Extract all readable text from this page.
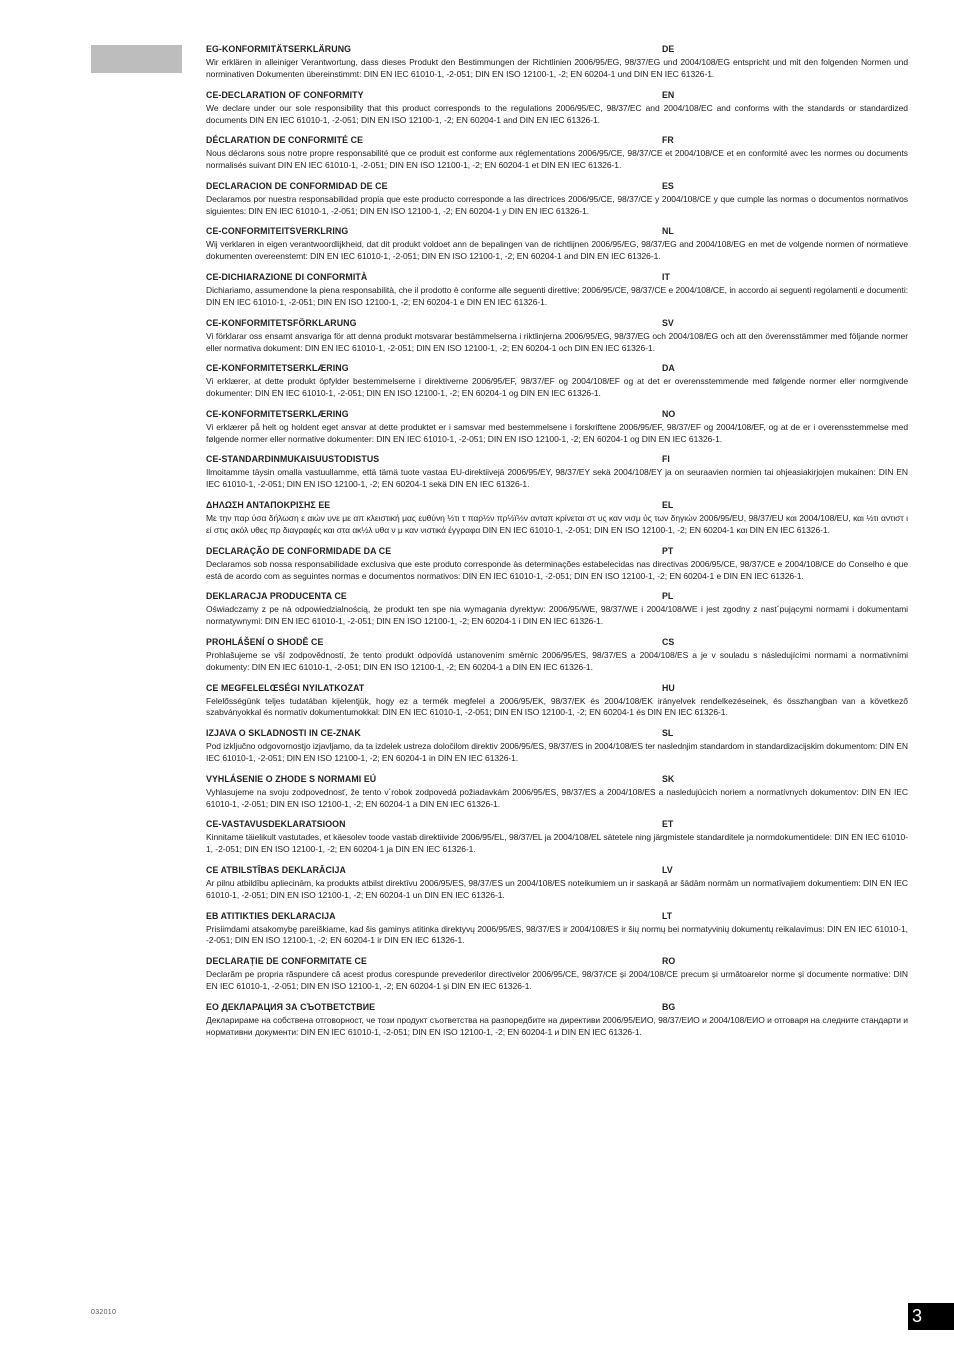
EG-KONFORMITÄTSERKLÄRUNG	DE

Wir erklären in alleiniger Verantwortung, dass dieses Produkt den Bestimmungen der Richtlinien 2006/95/EG, 98/37/EG und 2004/108/EG entspricht und mit den folgenden Normen und norminativen Dokumenten übereinstimmt: DIN EN IEC 61010-1, -2-051; DIN EN ISO 12100-1, -2; EN 60204-1 und DIN EN IEC 61326-1.

CE-DECLARATION OF CONFORMITY	EN

We declare under our sole responsibility that this product corresponds to the regulations 2006/95/EC, 98/37/EC and 2004/108/EC and conforms with the standards or standardized documents DIN EN IEC 61010-1, -2-051; DIN EN ISO 12100-1, -2; EN 60204-1 and DIN EN IEC 61326-1.

DÉCLARATION DE CONFORMITÉ CE	FR

Nous déclarons sous notre propre responsabilité que ce produit est conforme aux réglementations 2006/95/CE, 98/37/CE et 2004/108/CE et en conformité avec les normes ou documents normalisés suivant DIN EN IEC 61010-1, -2-051; DIN EN ISO 12100-1, -2; EN 60204-1 et DIN EN IEC 61326-1.

DECLARACION DE CONFORMIDAD DE CE	ES

Declaramos por nuestra responsabilidad propia que este producto corresponde a las directrices 2006/95/CE, 98/37/CE y 2004/108/CE y que cumple las normas o documentos normativos siguientes: DIN EN IEC 61010-1, -2-051; DIN EN ISO 12100-1, -2; EN 60204-1 y DIN EN IEC 61326-1.

CE-CONFORMITEITSVERKLRING	NL

Wij verklaren in eigen verantwoordlijkheid, dat dit produkt voldoet ann de bepalingen van de richtlijnen 2006/95/EG, 98/37/EG and 2004/108/EG en met de volgende normen of normatieve dokumenten overeenstemt: DIN EN IEC 61010-1, -2-051; DIN EN ISO 12100-1, -2; EN 60204-1 and DIN EN IEC 61326-1.

CE-DICHIARAZIONE DI CONFORMITÀ	IT

Dichiariamo, assumendone la piena responsabilità, che il prodotto è conforme alle seguenti direttive: 2006/95/CE, 98/37/CE e 2004/108/CE, in accordo ai seguenti regolamenti e documenti: DIN EN IEC 61010-1, -2-051; DIN EN ISO 12100-1, -2; EN 60204-1 e DIN EN IEC 61326-1.

CE-KONFORMITETSFÖRKLARUNG	SV

Vi förklarar oss ensamt ansvariga för att denna produkt motsvarar bestämmelserna i riktlinjerna 2006/95/EG, 98/37/EG och 2004/108/EG och att den överensstämmer med följande normer eller normativa dokument: DIN EN IEC 61010-1, -2-051; DIN EN ISO 12100-1, -2; EN 60204-1 och DIN EN IEC 61326-1.

CE-KONFORMITETSERKLÆRING	DA

Vi erklærer, at dette produkt öpfylder bestemmelserne i direktiverne 2006/95/EF, 98/37/EF og 2004/108/EF og at det er overensstemmende med følgende normer eller normgivende dokumenter: DIN EN IEC 61010-1, -2-051; DIN EN ISO 12100-1, -2; EN 60204-1 og DIN EN IEC 61326-1.

CE-KONFORMITETSERKLÆRING	NO

Vi erklærer på helt og holdent eget ansvar at dette produktet er i samsvar med bestemmelsene i forskriftene 2006/95/EF, 98/37/EF og 2004/108/EF, og at de er i overensstemmelse med følgende normer eller normative dokumenter: DIN EN IEC 61010-1, -2-051; DIN EN ISO 12100-1, -2; EN 60204-1 og DIN EN IEC 61326-1.

CE-STANDARDINMUKAISUUSTODISTUS	FI

Ilmoitamme täysin omalla vastuullamme, että tämä tuote vastaa EU-direktiivejä 2006/95/EY, 98/37/EY sekä 2004/108/EY ja on seuraavien normien tai ohjeasiakirjojen mukainen: DIN EN IEC 61010-1, -2-051; DIN EN ISO 12100-1, -2; EN 60204-1 sekä DIN EN IEC 61326-1.

ΔΗΛΩΣΗ ΑΝΤΑΠΟΚΡΙΣΗΣ ΕΕ	EL

Με την παρ ύσα δήλωση ε αιών υνε με απ κλειστική μας ευθύνη ½τι τ παρ½ν πρ½ï½ν ανταπ κρίνεται στ υς καν νισμ ύς των δηγιών 2006/95/EU, 98/37/EU και 2004/108/EU, και ½τι αντιστ ι εί στις ακόλ υθες πρ διαγραφές και στα ακ½λ υθα ν μ καν νιστικά έγγραφα DIN EN IEC 61010-1, -2-051; DIN EN ISO 12100-1, -2; EN 60204-1 και DIN EN IEC 61326-1.

DECLARAÇÃO DE CONFORMIDADE DA CE	PT

Declaramos sob nossa responsabilidade exclusiva que este produto corresponde às determinações estabelecidas nas directivas 2006/95/CE, 98/37/CE e 2004/108/CE do Conselho e que está de acordo com as seguintes normas e documentos normativos: DIN EN IEC 61010-1, -2-051; DIN EN ISO 12100-1, -2; EN 60204-1 e DIN EN IEC 61326-1.

DEKLARACJA PRODUCENTA CE	PL

Oświadczamy z pe nà odpowiedzialnością, że produkt ten spe nia wymagania dyrektyw: 2006/95/WE, 98/37/WE i 2004/108/WE i jest zgodny z nast´pującymi normami i dokumentami normatywnymi: DIN EN IEC 61010-1, -2-051; DIN EN ISO 12100-1, -2; EN 60204-1 i DIN EN IEC 61326-1.

PROHLÁŠENÍ O SHODĚ CE	CS

Prohlašujeme se vší zodpovědností, že tento produkt odpovídá ustanovením směrnic 2006/95/ES, 98/37/ES a 2004/108/ES a je v souladu s následujícími normami a normativními dokumenty: DIN EN IEC 61010-1, -2-051; DIN EN ISO 12100-1, -2; EN 60204-1 a DIN EN IEC 61326-1.

CE MEGFELELŒSÉGI NYILATKOZAT	HU

Felelősségünk teljes tudatában kijelentjük, hogy ez a termék megfelel a 2006/95/EK, 98/37/EK és 2004/108/EK irányelvek rendelkezéseinek, és összhangban van a következő szabványokkal és normatív dokumentumokkal: DIN EN IEC 61010-1, -2-051; DIN EN ISO 12100-1, -2; EN 60204-1 és DIN EN IEC 61326-1.

IZJAVA O SKLADNOSTI IN CE-ZNAK	SL

Pod izključno odgovornostjo izjavljamo, da ta izdelek ustreza določilom direktiv 2006/95/ES, 98/37/ES in 2004/108/ES ter naslednjim standardom in standardizacijskim dokumentom: DIN EN IEC 61010-1, -2-051; DIN EN ISO 12100-1, -2; EN 60204-1 in DIN EN IEC 61326-1.

VYHLÁSENIE O ZHODE S NORMAMI EÚ	SK

Vyhlasujeme na svoju zodpovednosť, že tento v´robok zodpovedá požiadavkám 2006/95/ES, 98/37/ES a 2004/108/ES a nasledujúcich noriem a normatívnych dokumentov: DIN EN IEC 61010-1, -2-051; DIN EN ISO 12100-1, -2; EN 60204-1 a DIN EN IEC 61326-1.

CE-VASTAVUSDEKLARATSIOON	ET

Kinnitame täielikult vastutades, et käesolev toode vastab direktiivide 2006/95/EL, 98/37/EL ja 2004/108/EL sätetele ning järgmistele standarditele ja normdokumentidele: DIN EN IEC 61010-1, -2-051; DIN EN ISO 12100-1, -2; EN 60204-1 ja DIN EN IEC 61326-1.

CE ATBILSTĪBAS DEKLARĀCIJA	LV

Ar pilnu atbildību apliecinām, ka produkts atbilst direktīvu 2006/95/ES, 98/37/ES un 2004/108/ES noteikumiem un ir saskaņā ar šādām normām un normatīvajiem dokumentiem: DIN EN IEC 61010-1, -2-051; DIN EN ISO 12100-1, -2; EN 60204-1 un DIN EN IEC 61326-1.

EB ATITIKTIES DEKLARACIJA	LT

Prisiimdami atsakomybę pareiškiame, kad šis gaminys atitinka direktyvų 2006/95/ES, 98/37/ES ir 2004/108/ES ir šių normų bei normatyvinių dokumentų reikalavimus: DIN EN IEC 61010-1, -2-051; DIN EN ISO 12100-1, -2; EN 60204-1 ir DIN EN IEC 61326-1.

DECLARAȚIE DE CONFORMITATE CE	RO

Declarăm pe propria răspundere că acest produs corespunde prevederilor directivelor 2006/95/CE, 98/37/CE și 2004/108/CE precum și urmǎtoarelor norme și documente normative: DIN EN IEC 61010-1, -2-051; DIN EN ISO 12100-1, -2; EN 60204-1 și DIN EN IEC 61326-1.

ЕО ДЕКЛАРАЦИЯ ЗА СЪОТВЕТСТВИЕ	BG

Декларираме на собствена отговорност, че този продукт съответства на разпоредбите на директиви 2006/95/ЕИО, 98/37/ЕИО и 2004/108/ЕИО и отговаря на следните стандарти и нормативни документи: DIN EN IEC 61010-1, -2-051; DIN EN ISO 12100-1, -2; EN 60204-1 и DIN EN IEC 61326-1.

032010	3
